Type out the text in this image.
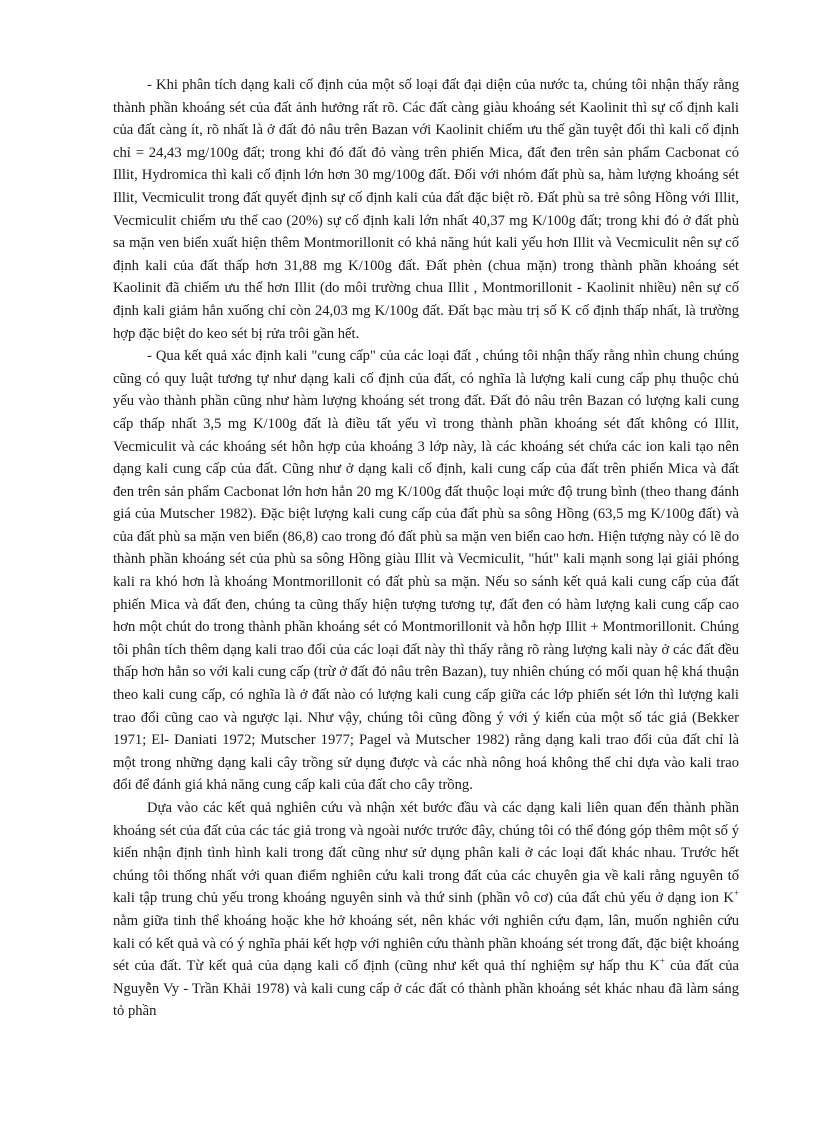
- Khi phân tích dạng kali cố định của một số loại đất đại diện của nước ta, chúng tôi nhận thấy rằng thành phần khoáng sét của đất ảnh hưởng rất rõ. Các đất càng giàu khoáng sét Kaolinit thì sự cố định kali của đất càng ít, rõ nhất là ở đất đỏ nâu trên Bazan với Kaolinit chiếm ưu thế gần tuyệt đối thì kali cố định chỉ = 24,43 mg/100g đất; trong khi đó đất đỏ vàng trên phiến Mica, đất đen trên sản phẩm Cacbonat có Illit, Hydromica thì kali cố định lớn hơn 30 mg/100g đất. Đối với nhóm đất phù sa, hàm lượng khoáng sét Illit, Vecmiculit trong đất quyết định sự cố định kali của đất đặc biệt rõ. Đất phù sa trẻ sông Hồng với Illit, Vecmiculit chiếm ưu thế cao (20%) sự cố định kali lớn nhất 40,37 mg K/100g đất; trong khi đó ở đất phù sa mặn ven biển xuất hiện thêm Montmorillonit có khả năng hút kali yếu hơn Illit và Vecmiculit nên sự cố định kali của đất thấp hơn 31,88 mg K/100g đất. Đất phèn (chua mặn) trong thành phần khoáng sét Kaolinit đã chiếm ưu thế hơn Illit (do môi trường chua Illit , Montmorillonit - Kaolinit nhiều) nên sự cố định kali giảm hẳn xuống chỉ còn 24,03 mg K/100g đất. Đất bạc màu trị số K cố định thấp nhất, là trường hợp đặc biệt do keo sét bị rửa trôi gần hết.

- Qua kết quả xác định kali "cung cấp" của các loại đất , chúng tôi nhận thấy rằng nhìn chung chúng cũng có quy luật tương tự như dạng kali cố định của đất, có nghĩa là lượng kali cung cấp phụ thuộc chủ yếu vào thành phần cũng như hàm lượng khoáng sét trong đất. Đất đỏ nâu trên Bazan có lượng kali cung cấp thấp nhất 3,5 mg K/100g đất là điều tất yếu vì trong thành phần khoáng sét đất không có Illit, Vecmiculit và các khoáng sét hỗn hợp của khoáng 3 lớp này, là các khoáng sét chứa các ion kali tạo nên dạng kali cung cấp của đất. Cũng như ở dạng kali cố định, kali cung cấp của đất trên phiến Mica và đất đen trên sản phẩm Cacbonat lớn hơn hẳn 20 mg K/100g đất thuộc loại mức độ trung bình (theo thang đánh giá của Mutscher 1982). Đặc biệt lượng kali cung cấp của đất phù sa sông Hồng (63,5 mg K/100g đất) và của đất phù sa mặn ven biển (86,8) cao trong đó đất phù sa mặn ven biển cao hơn. Hiện tượng này có lẽ do thành phần khoáng sét của phù sa sông Hồng giàu Illit và Vecmiculit, "hút" kali mạnh song lại giải phóng kali ra khó hơn là khoáng Montmorillonit có đất phù sa mặn. Nếu so sánh kết quả kali cung cấp của đất phiến Mica và đất đen, chúng ta cũng thấy hiện tượng tương tự, đất đen có hàm lượng kali cung cấp cao hơn một chút do trong thành phần khoáng sét có Montmorillonit và hỗn hợp Illit + Montmorillonit. Chúng tôi phân tích thêm dạng kali trao đổi của các loại đất này thì thấy rằng rõ ràng lượng kali này ở các đất đều thấp hơn hẳn so với kali cung cấp (trừ ở đất đỏ nâu trên Bazan), tuy nhiên chúng có mối quan hệ khá thuận theo kali cung cấp, có nghĩa là ở đất nào có lượng kali cung cấp giữa các lớp phiến sét lớn thì lượng kali trao đổi cũng cao và ngược lại. Như vậy, chúng tôi cũng đồng ý với ý kiến của một số tác giả (Bekker 1971; El- Daniati 1972; Mutscher 1977; Pagel và Mutscher 1982) rằng dạng kali trao đổi của đất chỉ là một trong những dạng kali cây trồng sử dụng được và các nhà nông hoá không thể chỉ dựa vào kali trao đổi để đánh giá khả năng cung cấp kali của đất cho cây trồng.

Dựa vào các kết quả nghiên cứu và nhận xét bước đầu và các dạng kali liên quan đến thành phần khoáng sét của đất của các tác giả trong và ngoài nước trước đây, chúng tôi có thể đóng góp thêm một số ý kiến nhận định tình hình kali trong đất cũng như sử dụng phân kali ở các loại đất khác nhau. Trước hết chúng tôi thống nhất với quan điểm nghiên cứu kali trong đất của các chuyên gia về kali rằng nguyên tố kali tập trung chủ yếu trong khoáng nguyên sinh và thứ sinh (phần vô cơ) của đất chủ yếu ở dạng ion K+ nằm giữa tinh thể khoáng hoặc khe hở khoáng sét, nên khác với nghiên cứu đạm, lân, muốn nghiên cứu kali có kết quả và có ý nghĩa phải kết hợp với nghiên cứu thành phần khoáng sét trong đất, đặc biệt khoáng sét của đất. Từ kết quả của dạng kali cố định (cũng như kết quả thí nghiệm sự hấp thu K+ của đất của Nguyễn Vy - Trần Khải 1978) và kali cung cấp ở các đất có thành phần khoáng sét khác nhau đã làm sáng tỏ phần
